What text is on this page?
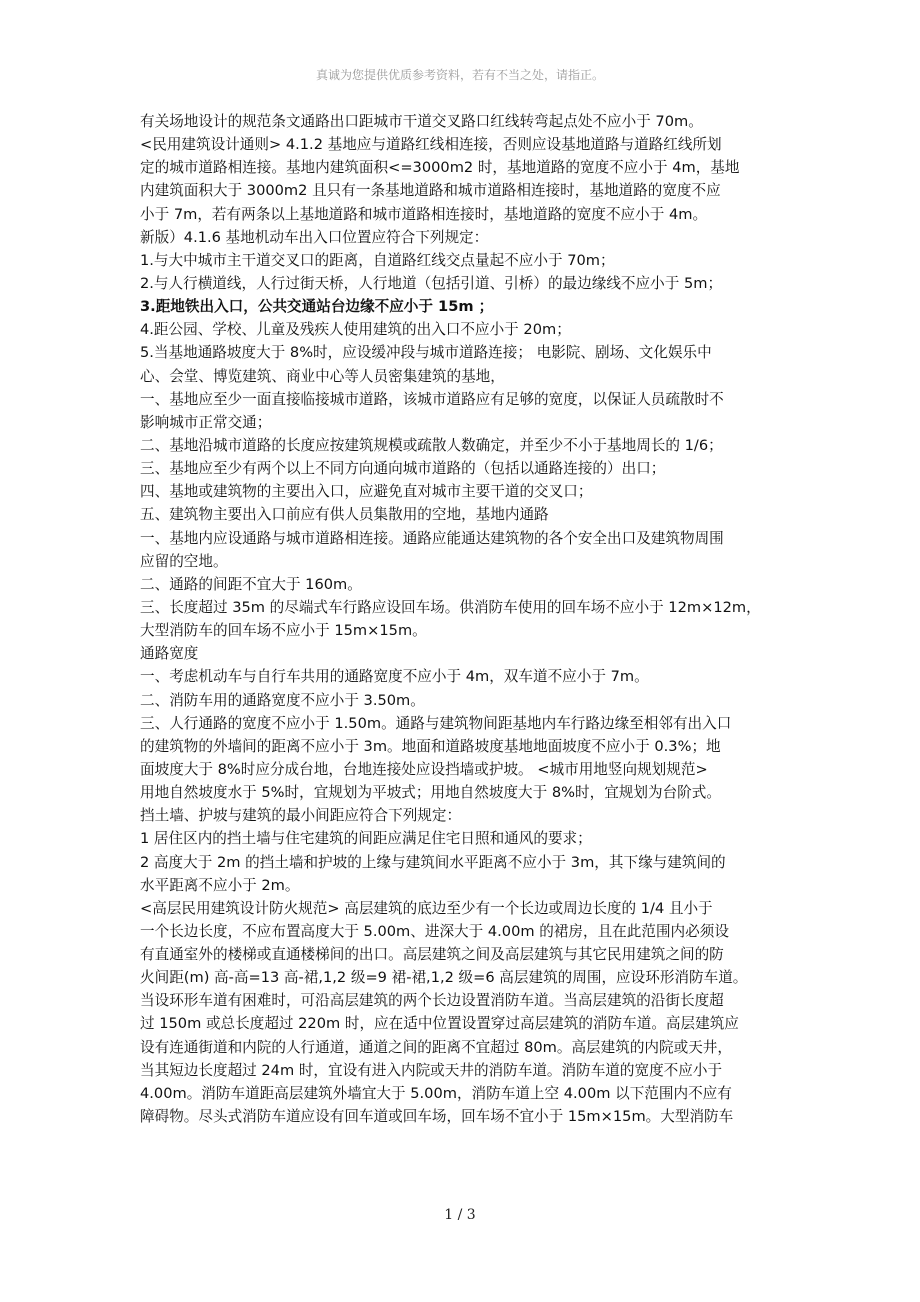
真诚为您提供优质参考资料，若有不当之处，请指正。
有关场地设计的规范条文通路出口距城市干道交叉路口红线转弯起点处不应小于 70m。
<民用建筑设计通则> 4.1.2 基地应与道路红线相连接，否则应设基地道路与道路红线所划
定的城市道路相连接。基地内建筑面积<=3000m2 时，基地道路的宽度不应小于 4m，基地
内建筑面积大于 3000m2 且只有一条基地道路和城市道路相连接时，基地道路的宽度不应
小于 7m，若有两条以上基地道路和城市道路相连接时，基地道路的宽度不应小于 4m。
新版）4.1.6 基地机动车出入口位置应符合下列规定：
1.与大中城市主干道交叉口的距离，自道路红线交点量起不应小于 70m；
2.与人行横道线，人行过街天桥，人行地道（包括引道、引桥）的最边缘线不应小于 5m；
3.距地铁出入口，公共交通站台边缘不应小于 15m ；
4.距公园、学校、儿童及残疾人使用建筑的出入口不应小于 20m；
5.当基地通路坡度大于 8%时，应设缓冲段与城市道路连接； 电影院、剧场、文化娱乐中
心、会堂、博览建筑、商业中心等人员密集建筑的基地，
一、基地应至少一面直接临接城市道路，该城市道路应有足够的宽度，以保证人员疏散时不
影响城市正常交通；
二、基地沿城市道路的长度应按建筑规模或疏散人数确定，并至少不小于基地周长的 1/6；
三、基地应至少有两个以上不同方向通向城市道路的（包括以通路连接的）出口；
四、基地或建筑物的主要出入口，应避免直对城市主要干道的交叉口；
五、建筑物主要出入口前应有供人员集散用的空地，基地内通路
一、基地内应设通路与城市道路相连接。通路应能通达建筑物的各个安全出口及建筑物周围
应留的空地。
二、通路的间距不宜大于 160m。
三、长度超过 35m 的尽端式车行路应设回车场。供消防车使用的回车场不应小于 12m×12m，
大型消防车的回车场不应小于 15m×15m。
通路宽度
一、考虑机动车与自行车共用的通路宽度不应小于 4m，双车道不应小于 7m。
二、消防车用的通路宽度不应小于 3.50m。
三、人行通路的宽度不应小于 1.50m。通路与建筑物间距基地内车行路边缘至相邻有出入口
的建筑物的外墙间的距离不应小于 3m。地面和道路坡度基地地面坡度不应小于 0.3%；地
面坡度大于 8%时应分成台地，台地连接处应设挡墙或护坡。 <城市用地竖向规划规范>
用地自然坡度水于 5%时，宜规划为平坡式；用地自然坡度大于 8%时，宜规划为台阶式。
挡土墙、护坡与建筑的最小间距应符合下列规定：
1 居住区内的挡土墙与住宅建筑的间距应满足住宅日照和通风的要求；
2 高度大于 2m 的挡土墙和护坡的上缘与建筑间水平距离不应小于 3m，其下缘与建筑间的
水平距离不应小于 2m。
<高层民用建筑设计防火规范> 高层建筑的底边至少有一个长边或周边长度的 1/4 且小于
一个长边长度，不应布置高度大于 5.00m、进深大于 4.00m 的裙房，且在此范围内必须设
有直通室外的楼梯或直通楼梯间的出口。高层建筑之间及高层建筑与其它民用建筑之间的防
火间距(m) 高-高=13 高-裙,1,2 级=9 裙-裙,1,2 级=6 高层建筑的周围，应设环形消防车道。
当设环形车道有困难时，可沿高层建筑的两个长边设置消防车道。当高层建筑的沿街长度超
过 150m 或总长度超过 220m 时，应在适中位置设置穿过高层建筑的消防车道。高层建筑应
设有连通街道和内院的人行通道，通道之间的距离不宜超过 80m。高层建筑的内院或天井，
当其短边长度超过 24m 时，宜设有进入内院或天井的消防车道。消防车道的宽度不应小于
4.00m。消防车道距高层建筑外墙宜大于 5.00m，消防车道上空 4.00m 以下范围内不应有
障碍物。尽头式消防车道应设有回车道或回车场，回车场不宜小于 15m×15m。大型消防车
1 / 3
